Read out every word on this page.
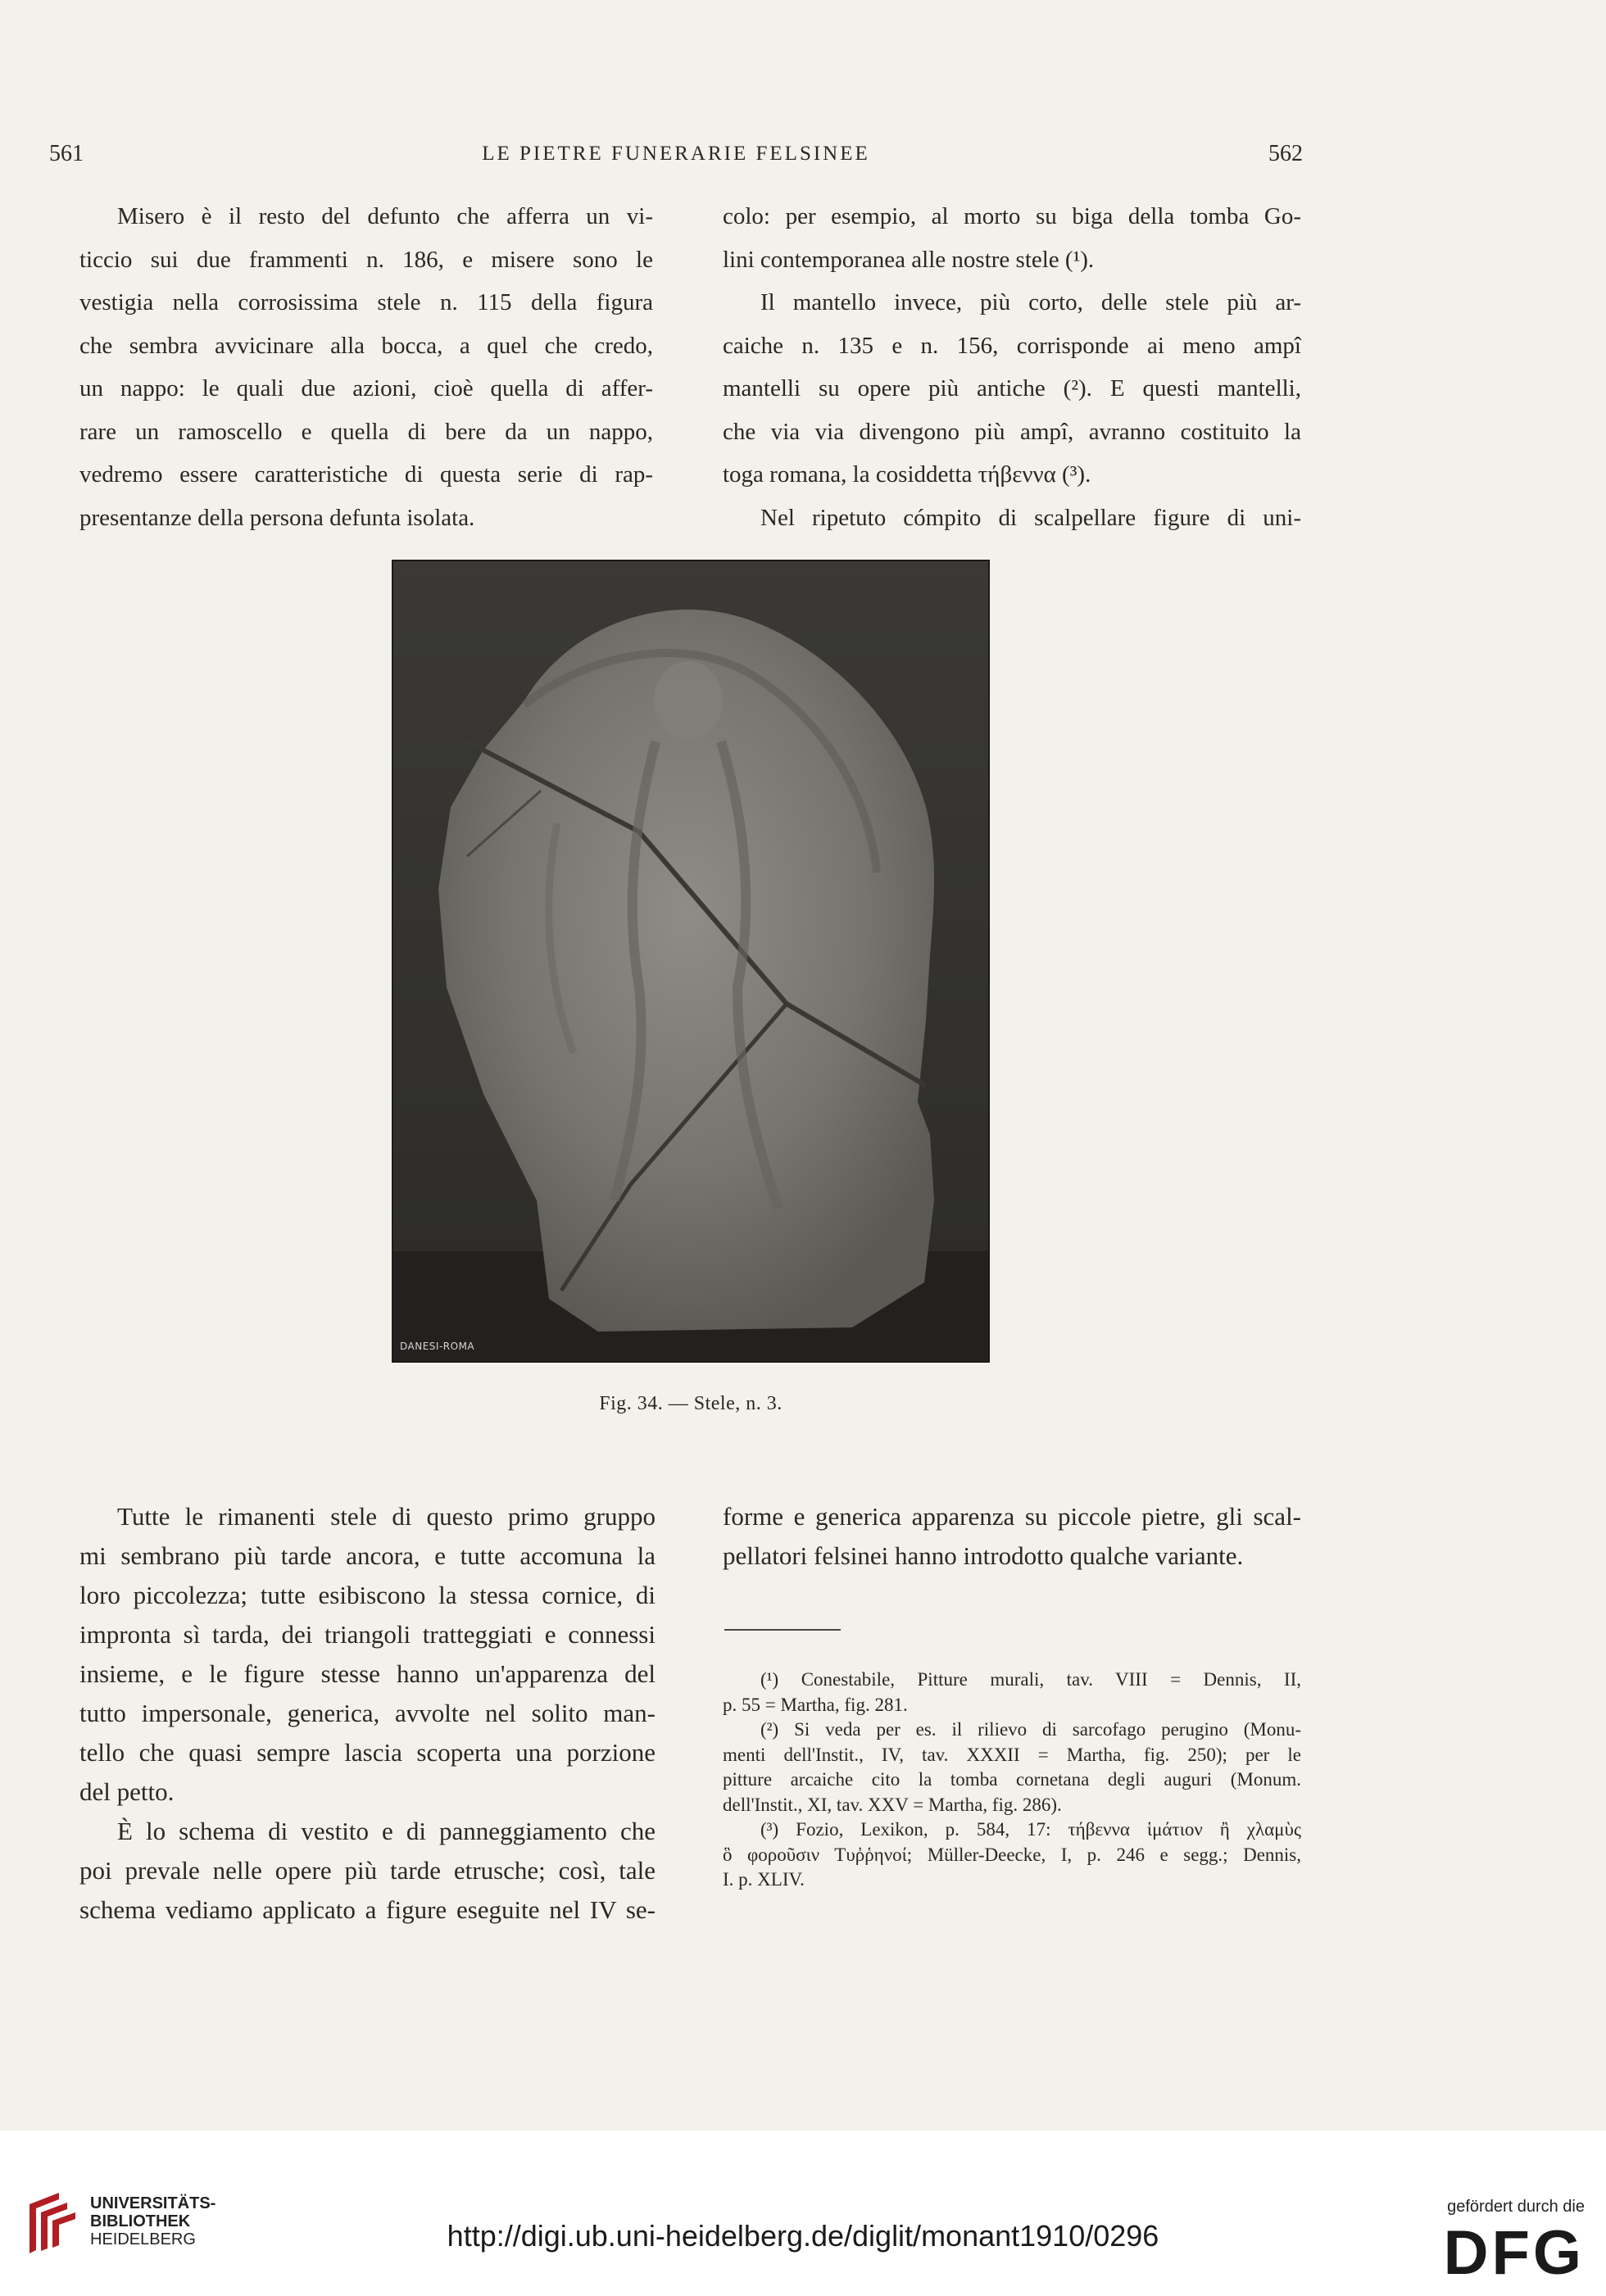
561	LE PIETRE FUNERARIE FELSINEE	562

Misero è il resto del defunto che afferra un vi-
ticcio sui due frammenti n. 186, e misere sono le
vestigia nella corrosissima stele n. 115 della figura
che sembra avvicinare alla bocca, a quel che credo,
un nappo: le quali due azioni, cioè quella di affer-
rare un ramoscello e quella di bere da un nappo,
vedremo essere caratteristiche di questa serie di rap-
presentanze della persona defunta isolata.

colo: per esempio, al morto su biga della tomba Go-
lini contemporanea alle nostre stele (¹).

Il mantello invece, più corto, delle stele più ar-
caiche n. 135 e n. 156, corrisponde ai meno ampî
mantelli su opere più antiche (²). E questi mantelli,
che via via divengono più ampî, avranno costituito la
toga romana, la cosiddetta τήβεννα (³).

Nel ripetuto cómpito di scalpellare figure di uni-

DANESI-ROMA
Fig. 34. — Stele, n. 3.

Tutte le rimanenti stele di questo primo gruppo
mi sembrano più tarde ancora, e tutte accomuna la
loro piccolezza; tutte esibiscono la stessa cornice, di
impronta sì tarda, dei triangoli tratteggiati e connessi
insieme, e le figure stesse hanno un'apparenza del
tutto impersonale, generica, avvolte nel solito man-
tello che quasi sempre lascia scoperta una porzione
del petto.

È lo schema di vestito e di panneggiamento che
poi prevale nelle opere più tarde etrusche; così, tale
schema vediamo applicato a figure eseguite nel IV se-

forme e generica apparenza su piccole pietre, gli scal-
pellatori felsinei hanno introdotto qualche variante.

(¹) Conestabile, Pitture murali, tav. VIII = Dennis, II,
p. 55 = Martha, fig. 281.

(²) Si veda per es. il rilievo di sarcofago perugino (Monu-
menti dell'Instit., IV, tav. XXXII = Martha, fig. 250); per le
pitture arcaiche cito la tomba cornetana degli auguri (Monum.
dell'Instit., XI, tav. XXV = Martha, fig. 286).

(³) Fozio, Lexikon, p. 584, 17: τήβεννα ἱμάτιον ἢ χλαμὺς
ὃ φοροῦσιν Τυῤῥηνοί; Müller-Deecke, I, p. 246 e segg.; Dennis,
I. p. XLIV.

UNIVERSITÄTS-
BIBLIOTHEK
HEIDELBERG	http://digi.ub.uni-heidelberg.de/diglit/monant1910/0296
gefördert durch die
DFG
